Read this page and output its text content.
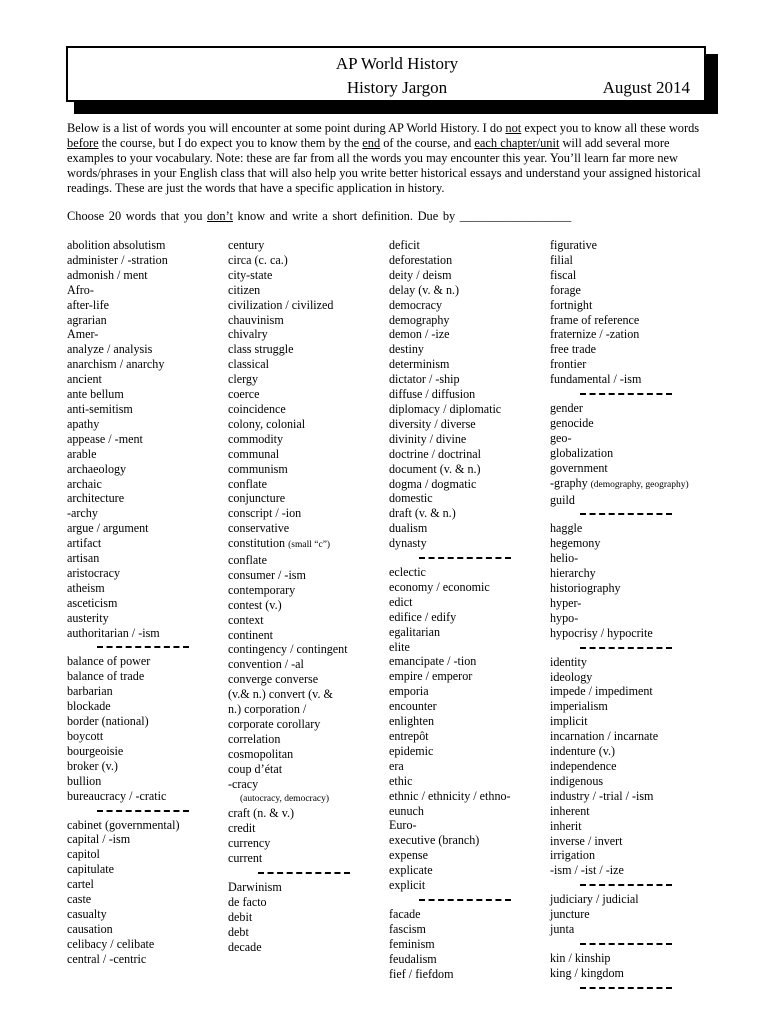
AP World History
History Jargon	August 2014

Below is a list of words you will encounter at some point during AP World History. I do not expect you to know all these words before the course, but I do expect you to know them by the end of the course, and each chapter/unit will add several more examples to your vocabulary. Note: these are far from all the words you may encounter this year. You’ll learn far more new words/phrases in your English class that will also help you write better historical essays and understand your assigned historical readings. These are just the words that have a specific application in history.

Choose 20 words that you don’t know and write a short definition. Due by __________________
abolition absolutism
administer / -stration
admonish / ment
Afro-
after-life
agrarian
Amer-
analyze / analysis
anarchism / anarchy
ancient
ante bellum
anti-semitism
apathy
appease / -ment
arable
archaeology
archaic
architecture
-archy
argue / argument
artifact
artisan
aristocracy
atheism
asceticism
austerity
authoritarian / -ism
balance of power
balance of trade
barbarian
blockade
border (national)
boycott
bourgeoisie
broker (v.)
bullion
bureaucracy / -cratic
cabinet (governmental)
capital / -ism
capitol
capitulate
cartel
caste
casualty
causation
celibacy / celibate
central / -centric
century
circa (c. ca.)
city-state
citizen
civilization / civilized
chauvinism
chivalry
class struggle
classical
clergy
coerce
coincidence
colony, colonial
commodity
communal
communism
conflate
conjuncture
conscript / -ion
conservative
constitution (small “c”)
conflate
consumer / -ism
contemporary
contest (v.)
context
continent
contingency / contingent
convention / -al
converge converse
(v.& n.) convert (v. &
n.) corporation /
corporate corollary
correlation
cosmopolitan
coup d’état
-cracy
(autocracy, democracy)
craft (n. & v.)
credit
currency
current
Darwinism
de facto
debit
debt
decade
deficit
deforestation
deity / deism
delay (v. & n.)
democracy
demography
demon / -ize
destiny
determinism
dictator / -ship
diffuse / diffusion
diplomacy / diplomatic
diversity / diverse
divinity / divine
doctrine / doctrinal
document (v. & n.)
dogma / dogmatic
domestic
draft (v. & n.)
dualism
dynasty
eclectic
economy / economic
edict
edifice / edify
egalitarian
elite
emancipate / -tion
empire / emperor
emporia
encounter
enlighten
entrepôt
epidemic
era
ethic
ethnic / ethnicity / ethno-
eunuch
Euro-
executive (branch)
expense
explicate
explicit
facade
fascism
feminism
feudalism
fief / fiefdom
figurative
filial
fiscal
forage
fortnight
frame of reference
fraternize / -zation
free trade
frontier
fundamental / -ism
gender
genocide
geo-
globalization
government
-graphy (demography, geography)
guild
haggle
hegemony
helio-
hierarchy
historiography
hyper-
hypo-
hypocrisy / hypocrite
identity
ideology
impede / impediment
imperialism
implicit
incarnation / incarnate
indenture (v.)
independence
indigenous
industry / -trial / -ism
inherent
inherit
inverse / invert
irrigation
-ism / -ist / -ize
judiciary / judicial
juncture
junta
kin / kinship
king / kingdom
